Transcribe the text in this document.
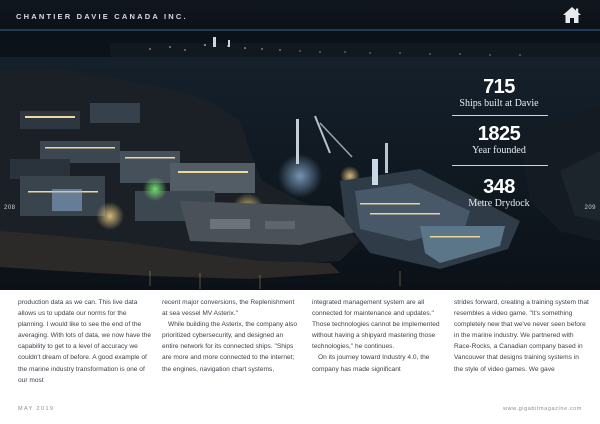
CHANTIER DAVIE CANADA INC.
208	209
715
Ships built at Davie
1825
Year founded
348
Metre Drydock

production data as we can. This live data allows us to update our norms for the planning. I would like to see the end of the averaging. With lots of data, we now have the capability to get to a level of accuracy we couldn't dream of before. A good example of the marine industry transformation is one of our most

recent major conversions, the Replenishment at sea vessel MV Asterix."

While building the Asterix, the company also prioritized cybersecurity, and designed an entire network for its connected ships. "Ships are more and more connected to the internet; the engines, navigation chart systems,

integrated management system are all connected for maintenance and updates." Those technologies cannot be implemented without having a shipyard mastering those technologies," he continues.

On its journey toward Industry 4.0, the company has made significant

strides forward, creating a training system that resembles a video game. "It's something completely new that we've never seen before in the marine industry. We partnered with Race-Rocks, a Canadian company based in Vancouver that designs training systems in the style of video games. We gave

MAY 2019	www.gigabitmagazine.com
